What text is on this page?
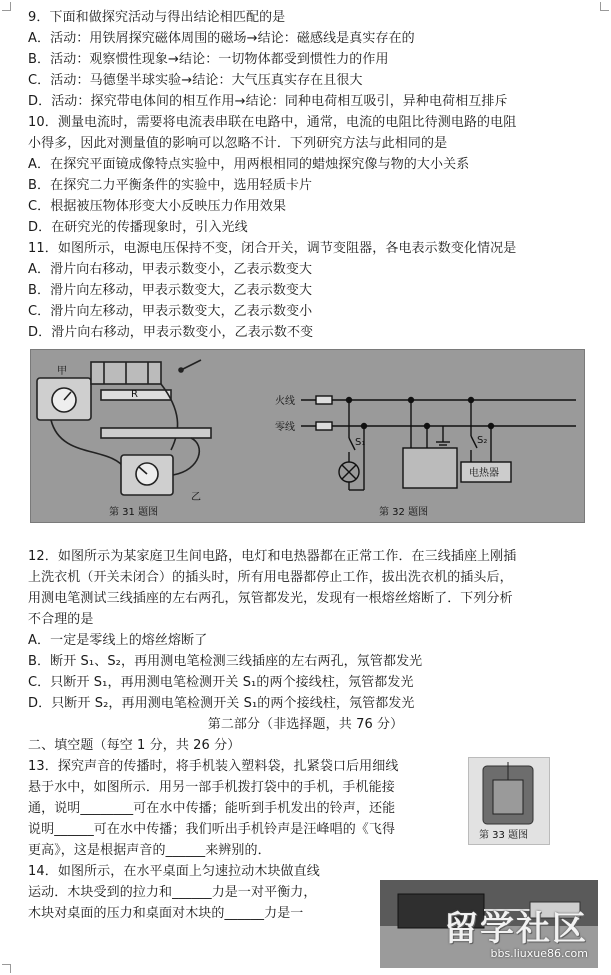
9．下面和做探究活动与得出结论相匹配的是
A．活动：用铁屑探究磁体周围的磁场→结论：磁感线是真实存在的
B．活动：观察惯性现象→结论：一切物体都受到惯性力的作用
C．活动：马德堡半球实验→结论：大气压真实存在且很大
D．活动：探究带电体间的相互作用→结论：同种电荷相互吸引，异种电荷相互排斥
10．测量电流时，需要将电流表串联在电路中，通常，电流的电阻比待测电路的电阻
小得多，因此对测量值的影响可以忽略不计．下列研究方法与此相同的是
A．在探究平面镜成像特点实验中，用两根相同的蜡烛探究像与物的大小关系
B．在探究二力平衡条件的实验中，选用轻质卡片
C．根据被压物体形变大小反映压力作用效果
D．在研究光的传播现象时，引入光线
11．如图所示，电源电压保持不变，闭合开关，调节变阻器，各电表示数变化情况是
A．滑片向右移动，甲表示数变小，乙表示数变大
B．滑片向左移动，甲表示数变大，乙表示数变大
C．滑片向左移动，甲表示数变大，乙表示数变小
D．滑片向右移动，甲表示数变小，乙表示数不变
甲
R
乙
第 31 题图
火线
零线
S₁	S₂
电热器
第 32 题图
12．如图所示为某家庭卫生间电路，电灯和电热器都在正常工作．在三线插座上刚插
上洗衣机（开关未闭合）的插头时，所有用电器都停止工作，拔出洗衣机的插头后，
用测电笔测试三线插座的左右两孔，氖管都发光，发现有一根熔丝熔断了．下列分析
不合理的是
A．一定是零线上的熔丝熔断了
B．断开 S₁、S₂，再用测电笔检测三线插座的左右两孔，氖管都发光
C．只断开 S₁，再用测电笔检测开关 S₁的两个接线柱，氖管都发光
D．只断开 S₂，再用测电笔检测开关 S₁的两个接线柱，氖管都发光
第二部分（非选择题，共 76 分）
二、填空题（每空 1 分，共 26 分）
13．探究声音的传播时，将手机装入塑料袋，扎紧袋口后用细线
悬于水中，如图所示．用另一部手机拨打袋中的手机，手机能接
通，说明________可在水中传播；能听到手机发出的铃声，还能
说明______可在水中传播；我们听出手机铃声是汪峰唱的《飞得
更高》，这是根据声音的______来辨别的．
第 33 题图
14．如图所示，在水平桌面上匀速拉动木块做直线
运动．木块受到的拉力和______力是一对平衡力，
木块对桌面的压力和桌面对木块的______力是一	留学社区
bbs.liuxue86.com
